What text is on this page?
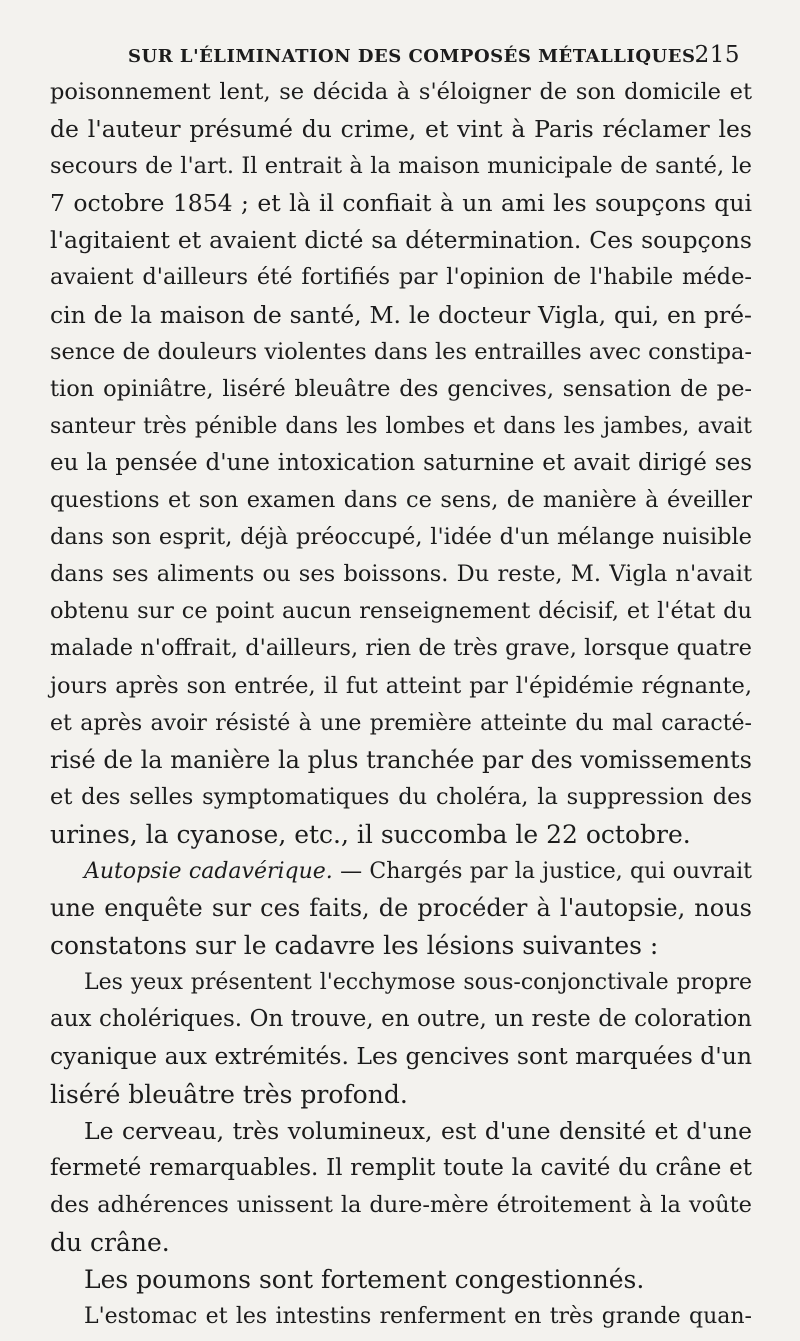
SUR L'ÉLIMINATION DES COMPOSÉS MÉTALLIQUES.
215
poisonnement lent, se décida à s'éloigner de son domicile et
de l'auteur présumé du crime, et vint à Paris réclamer les
secours de l'art. Il entrait à la maison municipale de santé, le
7 octobre 1854 ; et là il confiait à un ami les soupçons qui
l'agitaient et avaient dicté sa détermination. Ces soupçons
avaient d'ailleurs été fortifiés par l'opinion de l'habile méde-
cin de la maison de santé, M. le docteur Vigla, qui, en pré-
sence de douleurs violentes dans les entrailles avec constipa-
tion opiniâtre, liséré bleuâtre des gencives, sensation de pe-
santeur très pénible dans les lombes et dans les jambes, avait
eu la pensée d'une intoxication saturnine et avait dirigé ses
questions et son examen dans ce sens, de manière à éveiller
dans son esprit, déjà préoccupé, l'idée d'un mélange nuisible
dans ses aliments ou ses boissons. Du reste, M. Vigla n'avait
obtenu sur ce point aucun renseignement décisif, et l'état du
malade n'offrait, d'ailleurs, rien de très grave, lorsque quatre
jours après son entrée, il fut atteint par l'épidémie régnante,
et après avoir résisté à une première atteinte du mal caracté-
risé de la manière la plus tranchée par des vomissements
et des selles symptomatiques du choléra, la suppression des
urines, la cyanose, etc., il succomba le 22 octobre.
Autopsie cadavérique. — Chargés par la justice, qui ouvrait
une enquête sur ces faits, de procéder à l'autopsie, nous
constatons sur le cadavre les lésions suivantes :
Les yeux présentent l'ecchymose sous-conjonctivale propre
aux cholériques. On trouve, en outre, un reste de coloration
cyanique aux extrémités. Les gencives sont marquées d'un
liséré bleuâtre très profond.
Le cerveau, très volumineux, est d'une densité et d'une
fermeté remarquables. Il remplit toute la cavité du crâne et
des adhérences unissent la dure-mère étroitement à la voûte
du crâne.
Les poumons sont fortement congestionnés.
L'estomac et les intestins renferment en très grande quan-
